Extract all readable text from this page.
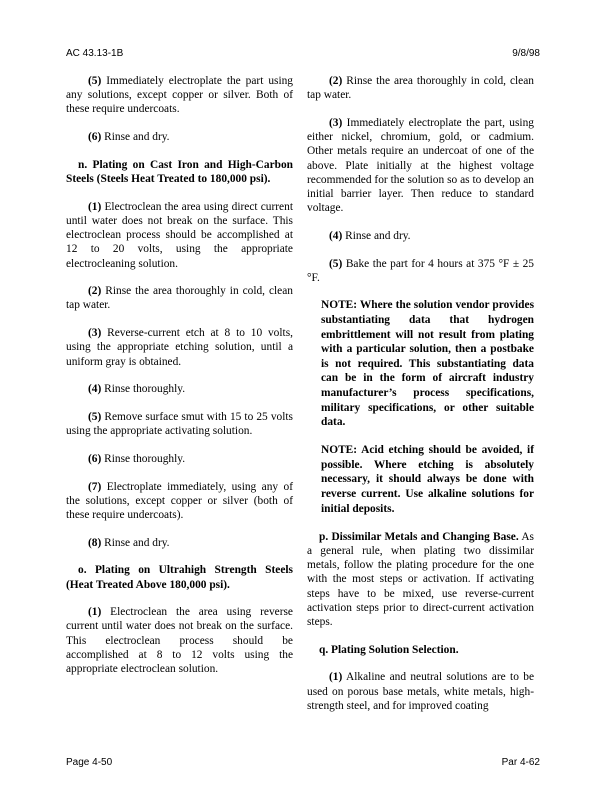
AC 43.13-1B	9/8/98

(5) Immediately electroplate the part using any solutions, except copper or silver. Both of these require undercoats.

(6) Rinse and dry.

n. Plating on Cast Iron and High-Carbon Steels (Steels Heat Treated to 180,000 psi).

(1) Electroclean the area using direct current until water does not break on the surface. This electroclean process should be accomplished at 12 to 20 volts, using the appropriate electrocleaning solution.

(2) Rinse the area thoroughly in cold, clean tap water.

(3) Reverse-current etch at 8 to 10 volts, using the appropriate etching solution, until a uniform gray is obtained.

(4) Rinse thoroughly.

(5) Remove surface smut with 15 to 25 volts using the appropriate activating solution.

(6) Rinse thoroughly.

(7) Electroplate immediately, using any of the solutions, except copper or silver (both of these require undercoats).

(8) Rinse and dry.

o. Plating on Ultrahigh Strength Steels (Heat Treated Above 180,000 psi).

(1) Electroclean the area using reverse current until water does not break on the surface. This electroclean process should be accomplished at 8 to 12 volts using the appropriate electroclean solution.

(2) Rinse the area thoroughly in cold, clean tap water.

(3) Immediately electroplate the part, using either nickel, chromium, gold, or cadmium. Other metals require an undercoat of one of the above. Plate initially at the highest voltage recommended for the solution so as to develop an initial barrier layer. Then reduce to standard voltage.

(4) Rinse and dry.

(5) Bake the part for 4 hours at 375 °F ± 25 °F.

NOTE: Where the solution vendor provides substantiating data that hydrogen embrittlement will not result from plating with a particular solution, then a postbake is not required. This substantiating data can be in the form of aircraft industry manufacturer’s process specifications, military specifications, or other suitable data.

NOTE: Acid etching should be avoided, if possible. Where etching is absolutely necessary, it should always be done with reverse current. Use alkaline solutions for initial deposits.

p. Dissimilar Metals and Changing Base. As a general rule, when plating two dissimilar metals, follow the plating procedure for the one with the most steps or activation. If activating steps have to be mixed, use reverse-current activation steps prior to direct-current activation steps.

q. Plating Solution Selection.

(1) Alkaline and neutral solutions are to be used on porous base metals, white metals, high-strength steel, and for improved coating

Page 4-50	Par 4-62
